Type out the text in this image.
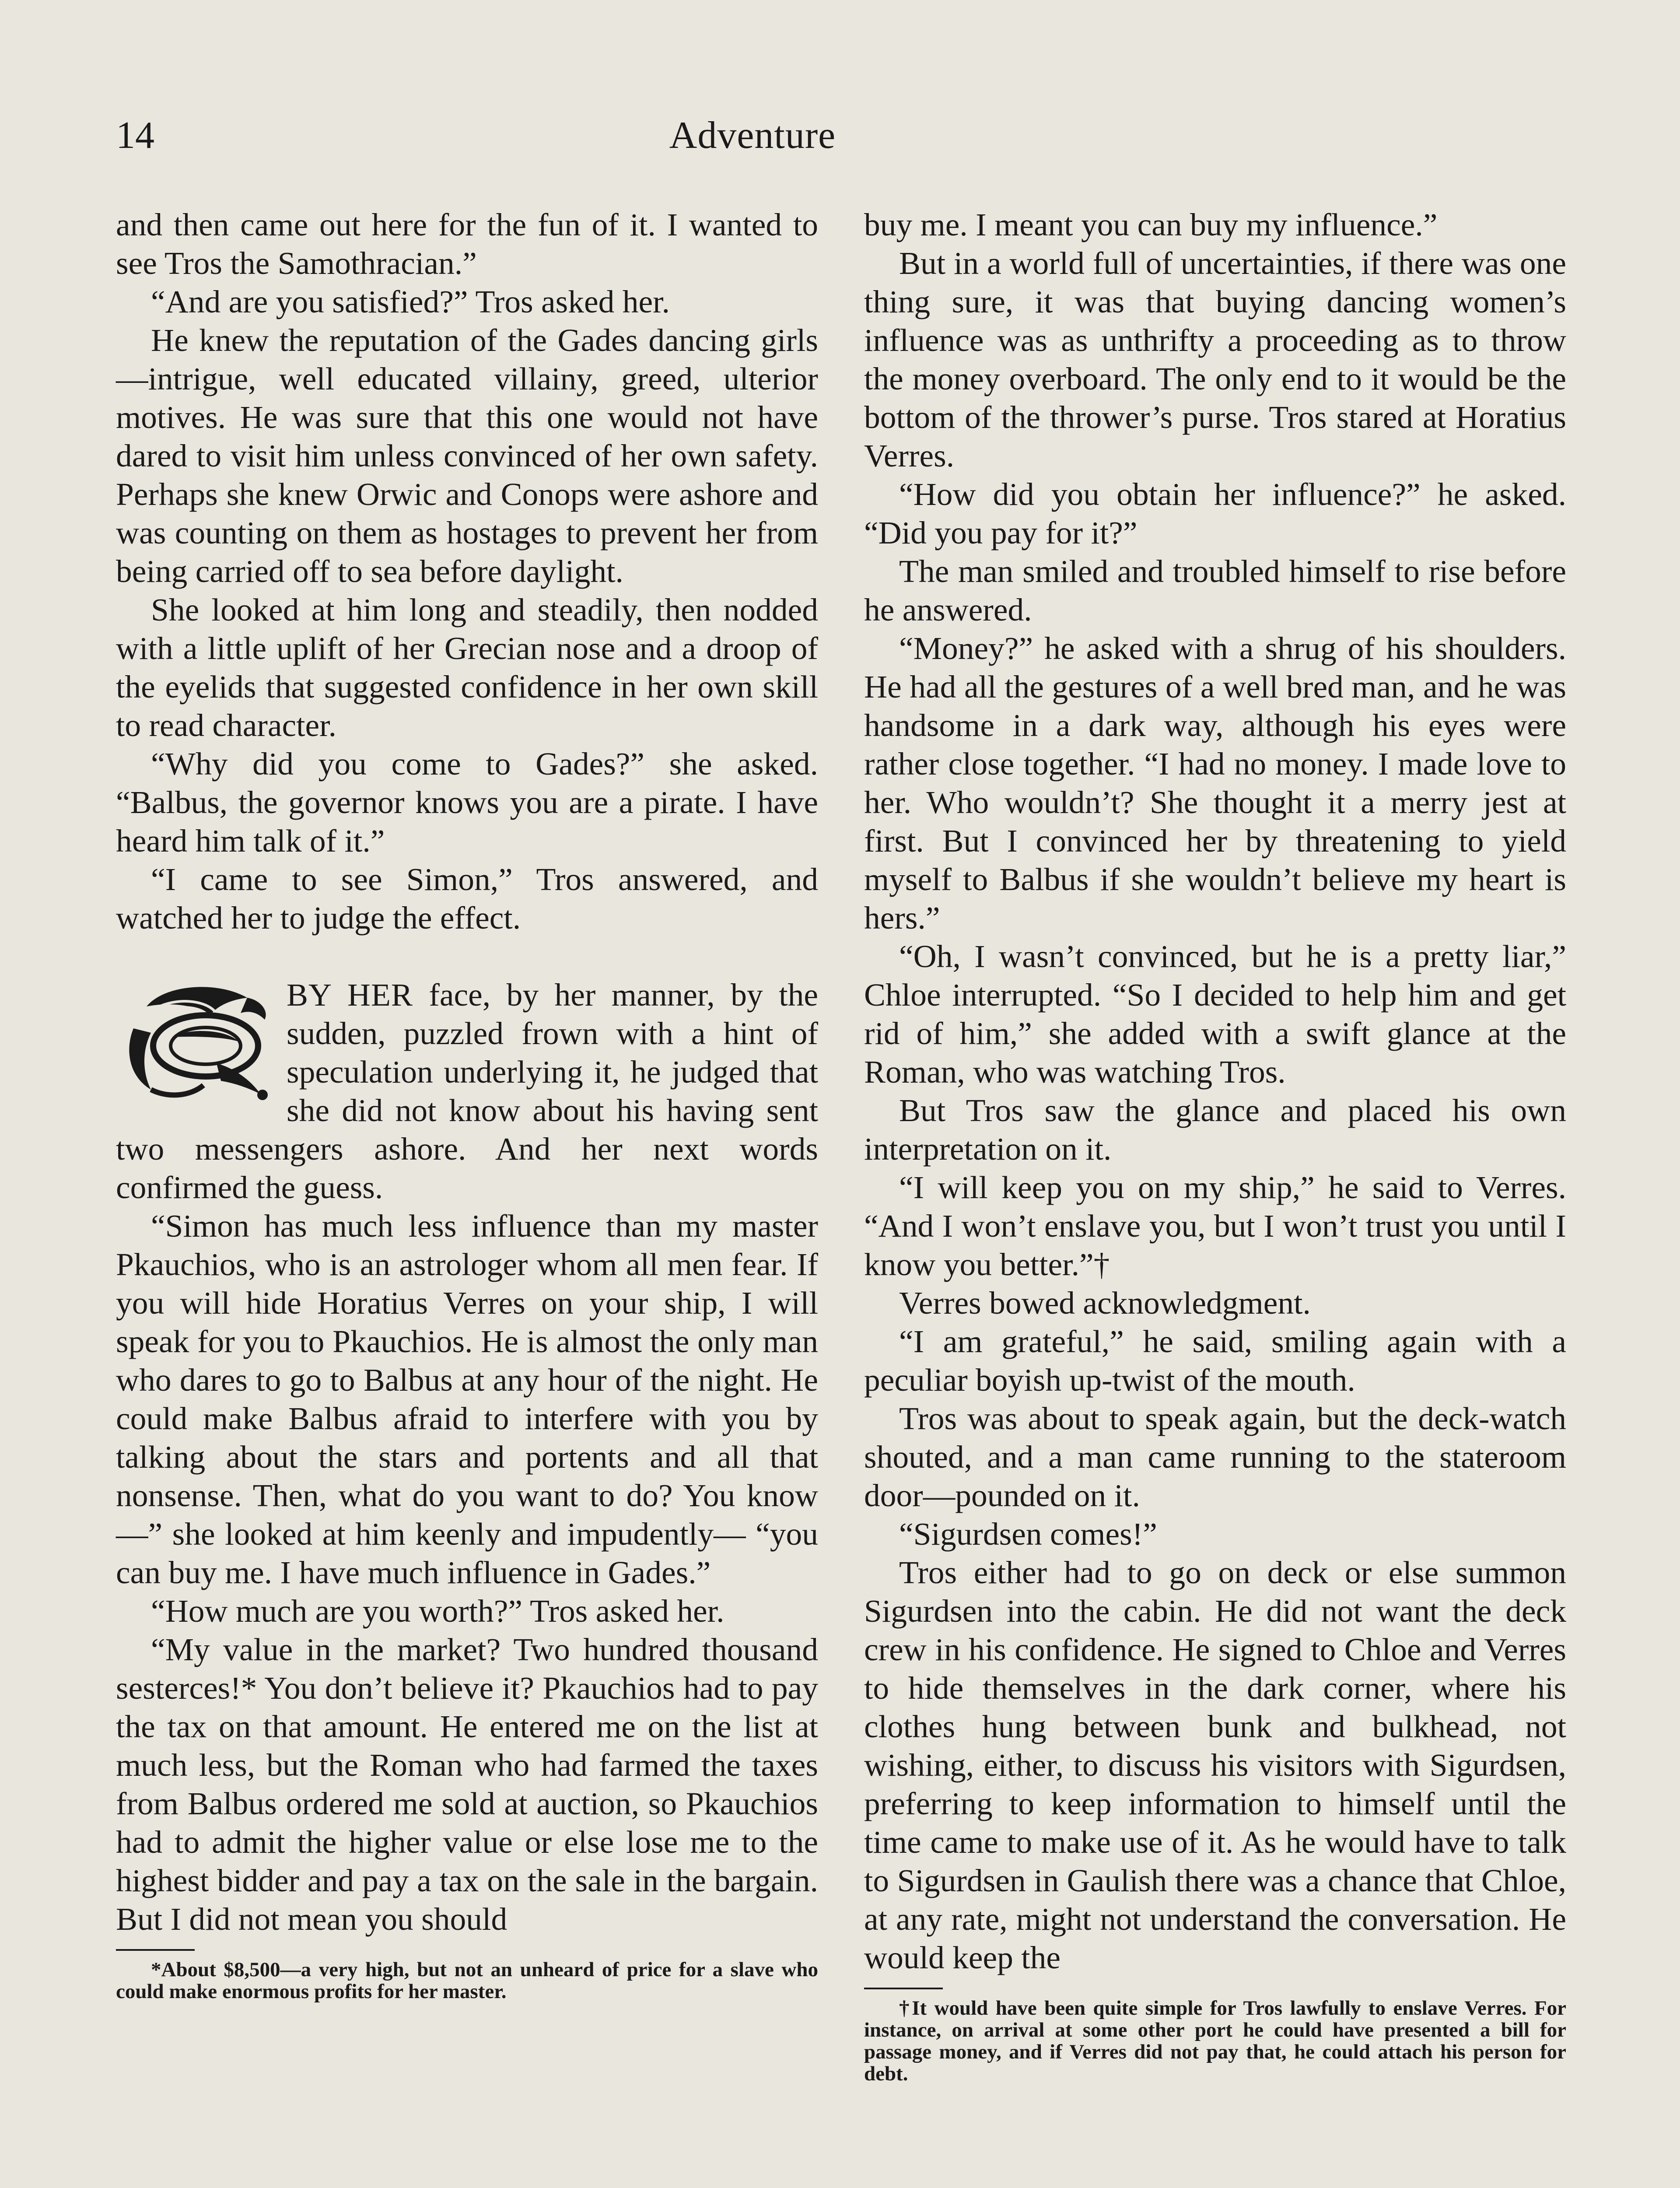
14	Adventure

and then came out here for the fun of it. I wanted to see Tros the Samothracian.”

“And are you satisfied?” Tros asked her.

He knew the reputation of the Gades dancing girls—intrigue, well educated villainy, greed, ulterior motives. He was sure that this one would not have dared to visit him unless convinced of her own safety. Perhaps she knew Orwic and Conops were ashore and was counting on them as hostages to prevent her from being carried off to sea before daylight.

She looked at him long and steadily, then nodded with a little uplift of her Grecian nose and a droop of the eyelids that suggested confidence in her own skill to read character.

“Why did you come to Gades?” she asked. “Balbus, the governor knows you are a pirate. I have heard him talk of it.”

“I came to see Simon,” Tros answered, and watched her to judge the effect.

BY HER face, by her manner, by the sudden, puzzled frown with a hint of speculation underlying it, he judged that she did not know about his having sent two messengers ashore. And her next words confirmed the guess.

“Simon has much less influence than my master Pkauchios, who is an astrologer whom all men fear. If you will hide Horatius Verres on your ship, I will speak for you to Pkauchios. He is almost the only man who dares to go to Balbus at any hour of the night. He could make Balbus afraid to interfere with you by talking about the stars and portents and all that nonsense. Then, what do you want to do? You know—” she looked at him keenly and impudently— “you can buy me. I have much influence in Gades.”

“How much are you worth?” Tros asked her.

“My value in the market? Two hundred thousand sesterces!* You don’t believe it? Pkauchios had to pay the tax on that amount. He entered me on the list at much less, but the Roman who had farmed the taxes from Balbus ordered me sold at auction, so Pkauchios had to admit the higher value or else lose me to the highest bidder and pay a tax on the sale in the bargain. But I did not mean you should

*About $8,500—a very high, but not an unheard of price for a slave who could make enormous profits for her master.

buy me. I meant you can buy my influence.”

But in a world full of uncertainties, if there was one thing sure, it was that buying dancing women’s influence was as unthrifty a proceeding as to throw the money overboard. The only end to it would be the bottom of the thrower’s purse. Tros stared at Horatius Verres.

“How did you obtain her influence?” he asked. “Did you pay for it?”

The man smiled and troubled himself to rise before he answered.

“Money?” he asked with a shrug of his shoulders. He had all the gestures of a well bred man, and he was handsome in a dark way, although his eyes were rather close together. “I had no money. I made love to her. Who wouldn’t? She thought it a merry jest at first. But I convinced her by threatening to yield myself to Balbus if she wouldn’t believe my heart is hers.”

“Oh, I wasn’t convinced, but he is a pretty liar,” Chloe interrupted. “So I decided to help him and get rid of him,” she added with a swift glance at the Roman, who was watching Tros.

But Tros saw the glance and placed his own interpretation on it.

“I will keep you on my ship,” he said to Verres. “And I won’t enslave you, but I won’t trust you until I know you better.”†

Verres bowed acknowledgment.

“I am grateful,” he said, smiling again with a peculiar boyish up-twist of the mouth.

Tros was about to speak again, but the deck-watch shouted, and a man came running to the stateroom door—pounded on it.

“Sigurdsen comes!”

Tros either had to go on deck or else summon Sigurdsen into the cabin. He did not want the deck crew in his confidence. He signed to Chloe and Verres to hide themselves in the dark corner, where his clothes hung between bunk and bulkhead, not wishing, either, to discuss his visitors with Sigurdsen, preferring to keep information to himself until the time came to make use of it. As he would have to talk to Sigurdsen in Gaulish there was a chance that Chloe, at any rate, might not understand the conversation. He would keep the

†It would have been quite simple for Tros lawfully to enslave Verres. For instance, on arrival at some other port he could have presented a bill for passage money, and if Verres did not pay that, he could attach his person for debt.
